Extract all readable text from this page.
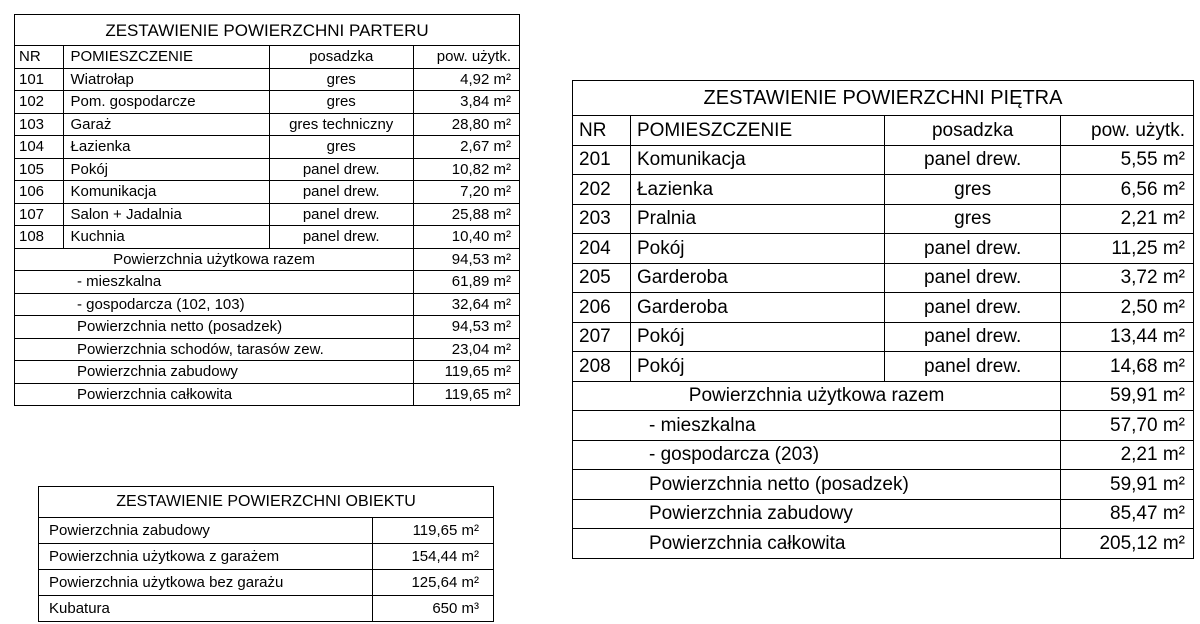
ZESTAWIENIE POWIERZCHNI PARTERU			
NR	POMIESZCZENIE	posadzka	pow. użytk.
101	Wiatrołap	gres	4,92 m²
102	Pom. gospodarcze	gres	3,84 m²
103	Garaż	gres techniczny	28,80 m²
104	Łazienka	gres	2,67 m²
105	Pokój	panel drew.	10,82 m²
106	Komunikacja	panel drew.	7,20 m²
107	Salon + Jadalnia	panel drew.	25,88 m²
108	Kuchnia	panel drew.	10,40 m²
Powierzchnia użytkowa razem			94,53 m²
- mieszkalna			61,89 m²
- gospodarcza (102, 103)			32,64 m²
Powierzchnia netto (posadzek)			94,53 m²
Powierzchnia schodów, tarasów zew.			23,04 m²
Powierzchnia zabudowy			119,65 m²
Powierzchnia całkowita			119,65 m²
ZESTAWIENIE POWIERZCHNI PIĘTRA			
NR	POMIESZCZENIE	posadzka	pow. użytk.
201	Komunikacja	panel drew.	5,55 m²
202	Łazienka	gres	6,56 m²
203	Pralnia	gres	2,21 m²
204	Pokój	panel drew.	11,25 m²
205	Garderoba	panel drew.	3,72 m²
206	Garderoba	panel drew.	2,50 m²
207	Pokój	panel drew.	13,44 m²
208	Pokój	panel drew.	14,68 m²
Powierzchnia użytkowa razem			59,91 m²
- mieszkalna			57,70 m²
- gospodarcza (203)			2,21 m²
Powierzchnia netto (posadzek)			59,91 m²
Powierzchnia zabudowy			85,47 m²
Powierzchnia całkowita			205,12 m²
ZESTAWIENIE POWIERZCHNI OBIEKTU	
Powierzchnia zabudowy	119,65 m²
Powierzchnia użytkowa z garażem	154,44 m²
Powierzchnia użytkowa bez garażu	125,64 m²
Kubatura	650 m³
